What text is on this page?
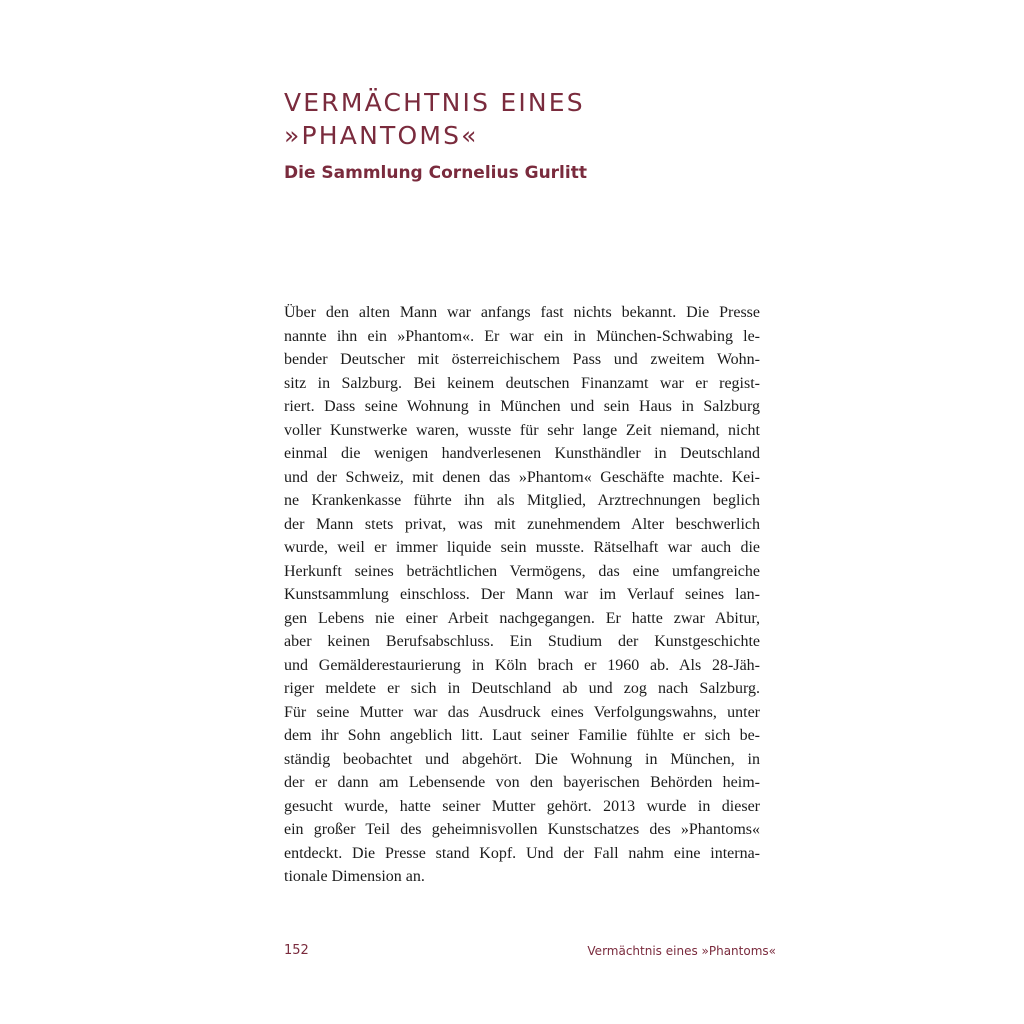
VERMÄCHTNIS EINES
»PHANTOMS«
Die Sammlung Cornelius Gurlitt
Über den alten Mann war anfangs fast nichts bekannt. Die Presse
nannte ihn ein »Phantom«. Er war ein in München-Schwabing le-
bender Deutscher mit österreichischem Pass und zweitem Wohn-
sitz in Salzburg. Bei keinem deutschen Finanzamt war er regist-
riert. Dass seine Wohnung in München und sein Haus in Salzburg
voller Kunstwerke waren, wusste für sehr lange Zeit niemand, nicht
einmal die wenigen handverlesenen Kunsthändler in Deutschland
und der Schweiz, mit denen das »Phantom« Geschäfte machte. Kei-
ne Krankenkasse führte ihn als Mitglied, Arztrechnungen beglich
der Mann stets privat, was mit zunehmendem Alter beschwerlich
wurde, weil er immer liquide sein musste. Rätselhaft war auch die
Herkunft seines beträchtlichen Vermögens, das eine umfangreiche
Kunstsammlung einschloss. Der Mann war im Verlauf seines lan-
gen Lebens nie einer Arbeit nachgegangen. Er hatte zwar Abitur,
aber keinen Berufsabschluss. Ein Studium der Kunstgeschichte
und Gemälderestaurierung in Köln brach er 1960 ab. Als 28-Jäh-
riger meldete er sich in Deutschland ab und zog nach Salzburg.
Für seine Mutter war das Ausdruck eines Verfolgungswahns, unter
dem ihr Sohn angeblich litt. Laut seiner Familie fühlte er sich be-
ständig beobachtet und abgehört. Die Wohnung in München, in
der er dann am Lebensende von den bayerischen Behörden heim-
gesucht wurde, hatte seiner Mutter gehört. 2013 wurde in dieser
ein großer Teil des geheimnisvollen Kunstschatzes des »Phantoms«
entdeckt. Die Presse stand Kopf. Und der Fall nahm eine interna-
tionale Dimension an.
152	Vermächtnis eines »Phantoms«
